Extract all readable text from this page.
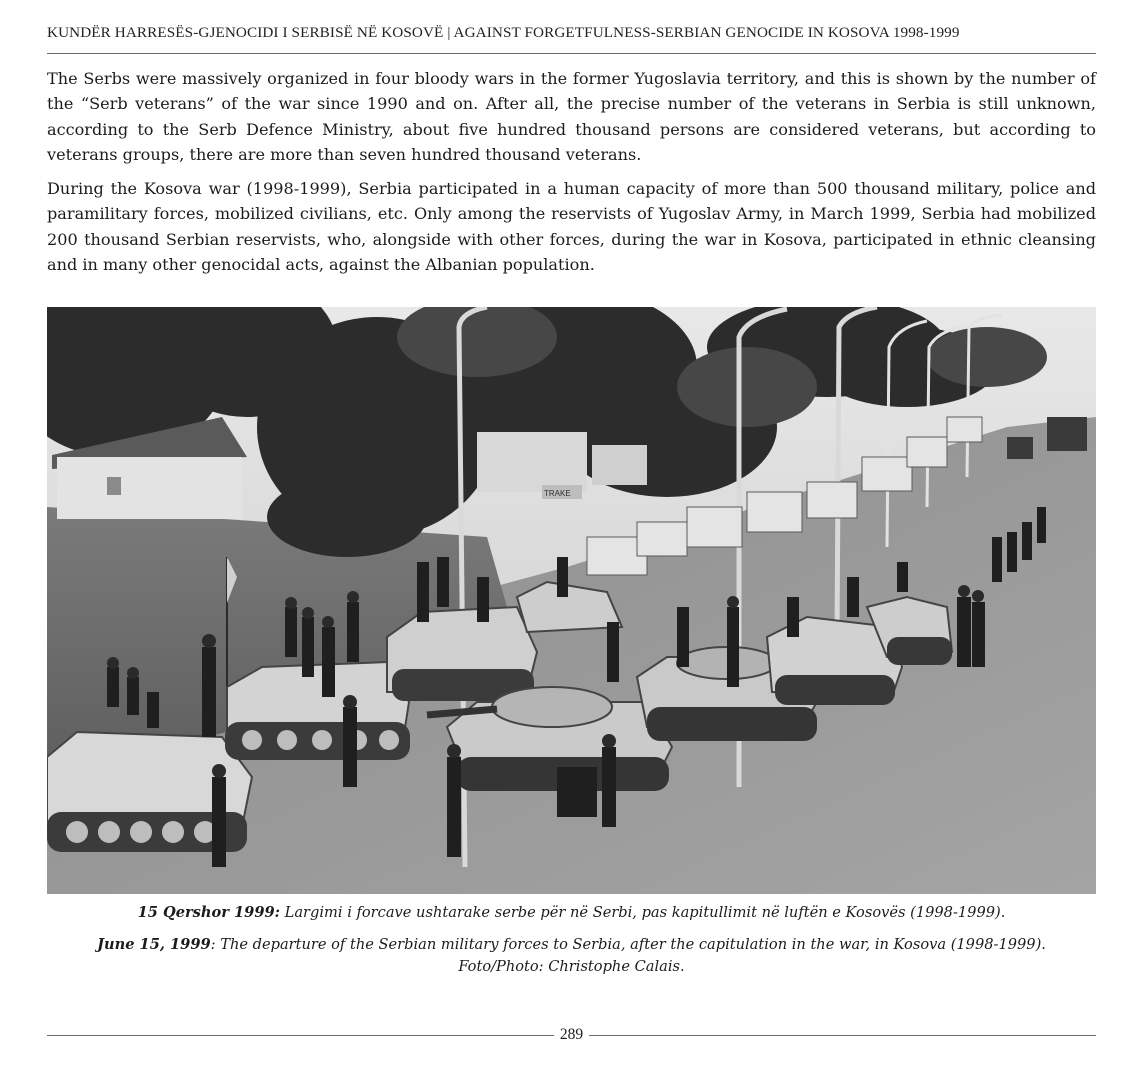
KUNDËR HARRESËS-GJENOCIDI I SERBISË NË KOSOVË | AGAINST FORGETFULNESS-SERBIAN GENOCIDE IN KOSOVA 1998-1999

The Serbs were massively organized in four bloody wars in the former Yugoslavia territory, and this is shown by the number of the “Serb veterans” of the war since 1990 and on. After all, the precise number of the veterans in Serbia is still unknown, according to the Serb Defence Ministry, about five hundred thousand persons are considered veterans, but according to veterans groups, there are more than seven hundred thousand veterans.

During the Kosova war (1998-1999), Serbia participated in a human capacity of more than 500 thousand military, police and paramilitary forces, mobilized civilians, etc. Only among the reservists of Yugoslav Army, in March 1999, Serbia had mobilized 200 thousand Serbian reservists, who, alongside with other forces, during the war in Kosova, participated in ethnic cleansing and in many other genocidal acts, against the Albanian population.

TRAKE

15 Qershor 1999: Largimi i forcave ushtarake serbe për në Serbi, pas kapitullimit në luftën e Kosovës (1998-1999).

June 15, 1999: The departure of the Serbian military forces to Serbia, after the capitulation in the war, in Kosova (1998-1999).

Foto/Photo: Christophe Calais.

289
